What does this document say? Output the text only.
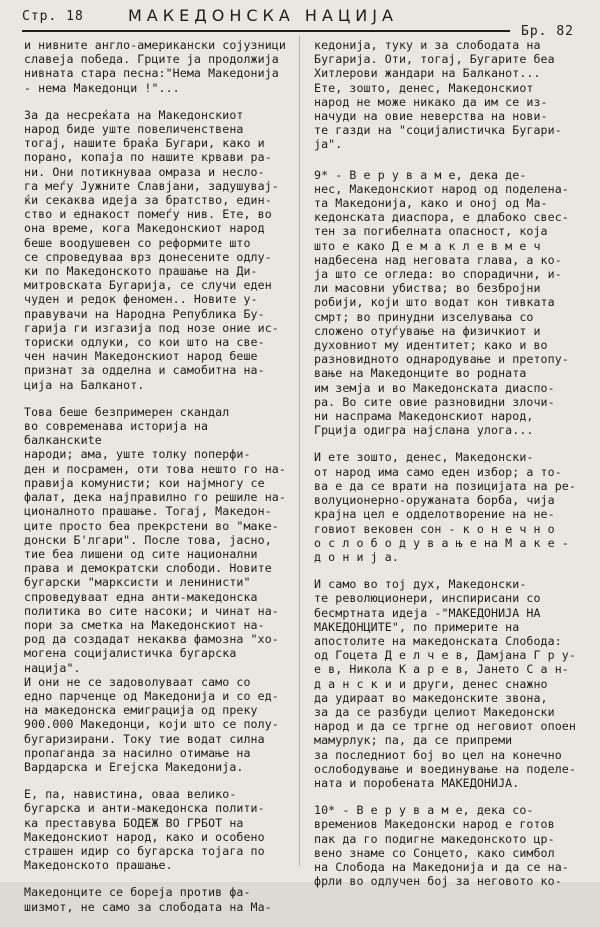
Стр. 18	МАКЕДОНСКА НАЦИЈА
Бр. 82

и нивните англо-американски сојузници
славеја победа. Грците ја продолжија
нивната стара песна:"Нема Македонија
- нема Македонци !"...

За да несреќата на Македонскиот
народ биде уште повеличенствена
тогај, нашите браќа Бугари, како и
порано, копаја по нашите крвави ра-
ни. Они потикнуваа омраза и несло-
га меѓу Јужните Славјани, задушувај-
ќи секаква идеја за братство, един-
ство и еднакост помеѓу нив. Ете, во
она време, кога Македонскиот народ
беше воодушевен со реформите што
се спроведуваа врз донесените одлу-
ки по Македонското прашање на Ди-
митровската Бугарија, се случи еден
чуден и редок феномен.. Новите у-
правувачи на Народна Република Бу-
гарија ги изгазија под нозе оние ис-
ториски одлуки, со кои што на све-
чен начин Македонскиот народ беше
признат за одделна и самобитна на-
ција на Балканот.

Това беше безпримерен скандал
во современава историја на балканскиte
народи; ама, уште толку поперфи-
ден и посрамен, оти това нешто го на-
правија комунисти; кои најмногу се
фалат, дека најправилно го решиле на-
ционалното прашање. Тогај, Македон-
ците просто беа прекрстени во "маке-
донски Б'лгари". После това, јасно,
тие беа лишени од сите национални
права и демократски слободи. Новите
бугарски "марксисти и ленинисти"
спроведуваат една анти-македонска
политика во сите насоки; и чинат на-
пори за сметка на Македонскиот на-
род да создадат некаква фамозна "хо-
могена социјалистичка бугарска нација".
И они не се задоволуваат само со
едно парченце од Македонија и со ед-
на македонска емиграција од преку
900.000 Македонци, који што се полу-
бугаризирани. Току тие водат силна
пропаганда за насилно отимање на
Вардарска и Егејска Македонија.

Е, па, навистина, оваа велико-
бугарска и анти-македонска полити-
ка преставува БОДЕЖ ВО ГРБОТ на
Македонскиот народ, како и особено
страшен идир со бугарска тојага по
Македонското прашање.

Македонците се бореја против фа-
шизмот, не само за слободата на Ма-

кедонија, туку и за слободата на
Бугарија. Оти, тогај, Бугарите беа
Хитлерови жандари на Балканот...
Ете, зошто, денес, Македонскиот
народ не може никако да им се из-
начуди на овие неверства на нови-
те газди на "социјалистичка Бугари-
ја".

9* - В е р у в а м е, дека де-
нес, Македонскиот народ од поделена-
та Македонија, како и оној од Ма-
кедонската диаспора, е длабоко свес-
тен за погибелната опасност, која
што е како Д е м а к л е в м е ч
надбесена над неговата глава, а ко-
ја што се огледа: во спорадични, и-
ли масовни убиства; во безбројни
робији, који што водат кон тивката
смрт; во принудни изселувања со
сложено отуѓување на физичкиот и
духовниот му идентитет; како и во
разновидното однародување и претопу-
вање на Македонците во родната
им земја и во Македонската диаспо-
ра. Во сите овие разновидни злочи-
ни наспрама Македонскиот народ,
Грција одигра најслана улога...

И ете зошто, денес, Македонски-
от народ има само еден избор; а то-
ва е да се врати на позицијата на ре-
волуционерно-оружаната борба, чија
крајна цел е одделотворение на не-
говиот вековен сон - к о н е ч н о
о с л о б о д у в а њ е на М а к е -
д о н и ј а.

И само во тој дух, Македонски-
те революционери, инспирисани со
бесмртната идеја -"МАКЕДОНИЈА НА
МАКЕДОНЦИТЕ", по примерите на
апостолите на македонската Слобода:
од Гоцета Д е л ч е в, Дамјана Г р у-
е в, Никола К а р е в, Јането С а н-
д а н с к и и други, денес снажно
да удираат во македонските звона,
за да се разбуди целиот Македонски
народ и да се тргне од неговиот опоен
мамурлук; па, да се припреми
за последниот бој во цел на конечно
ослободување и воединување на поделе-
ната и поробената МАКЕДОНИЈА.

10* - В е р у в а м е, дека со-
времениов Македонски народ е готов
пак да го подигне македонското цр-
вено знаме со Сонцето, како симбол
на Слобода на Македонија и да се на-
фрли во одлучен бој за неговото ко-
